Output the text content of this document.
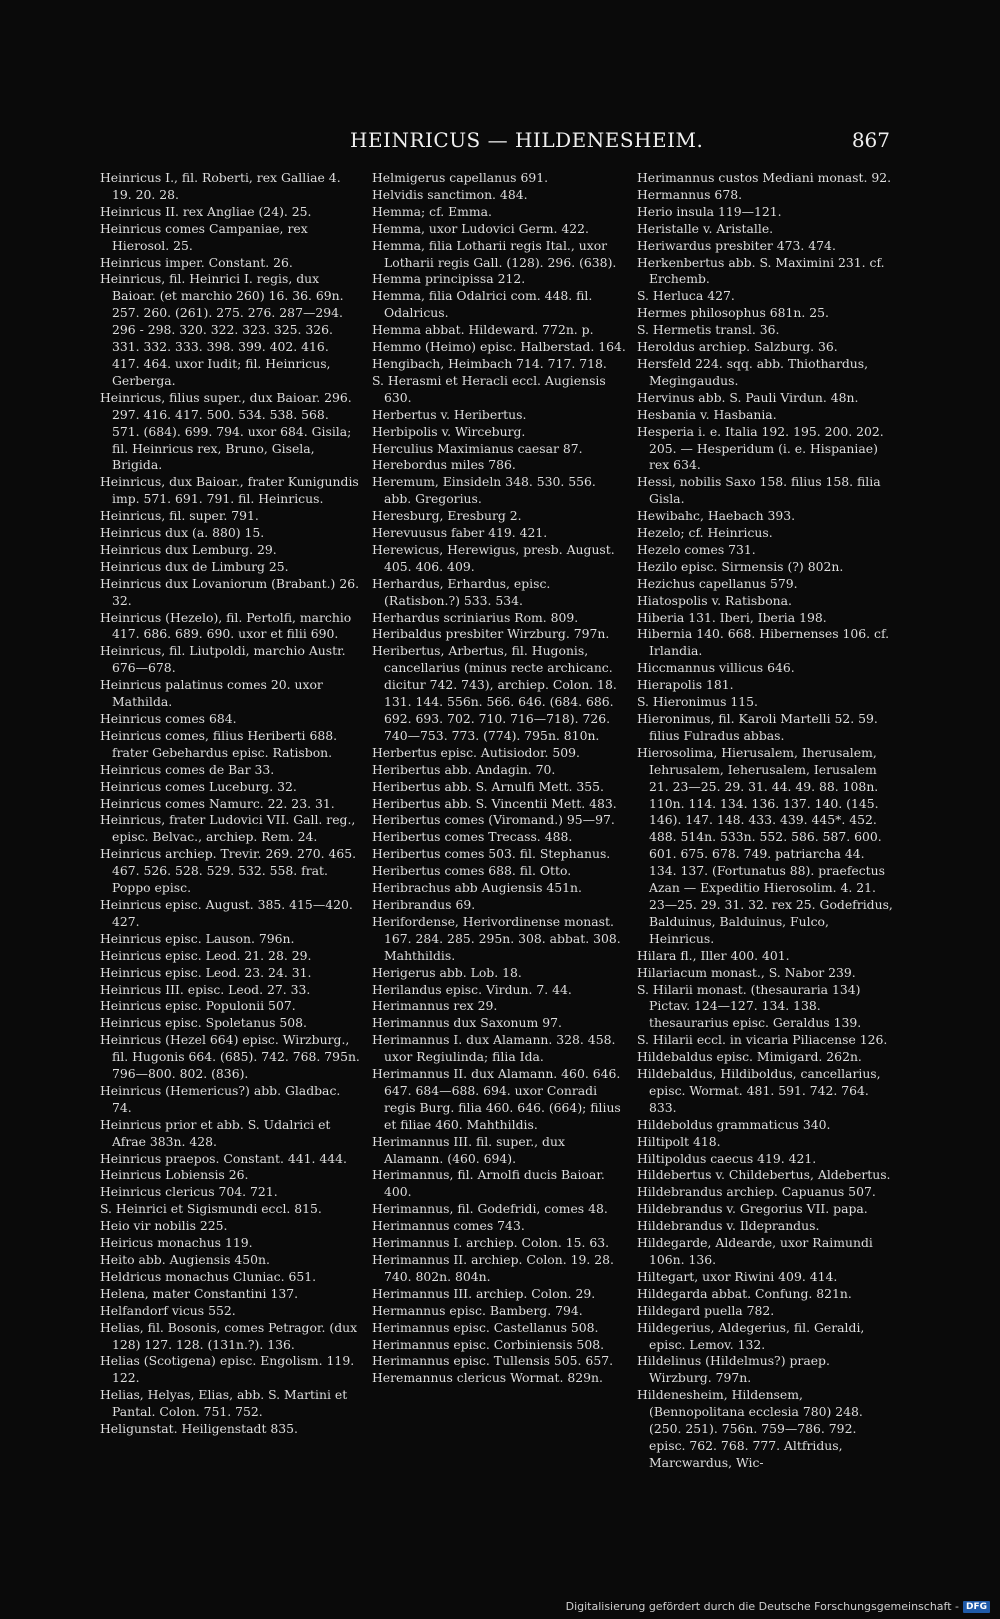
HEINRICUS — HILDENESHEIM.	867

Heinricus I., fil. Roberti, rex Galliae 4. 19. 20. 28.

Heinricus II. rex Angliae (24). 25.

Heinricus comes Campaniae, rex Hierosol. 25.

Heinricus imper. Constant. 26.

Heinricus, fil. Heinrici I. regis, dux Baioar. (et marchio 260) 16. 36. 69n. 257. 260. (261). 275. 276. 287—294. 296 - 298. 320. 322. 323. 325. 326. 331. 332. 333. 398. 399. 402. 416. 417. 464. uxor Iudit; fil. Heinricus, Gerberga.

Heinricus, filius super., dux Baioar. 296. 297. 416. 417. 500. 534. 538. 568. 571. (684). 699. 794. uxor 684. Gisila; fil. Heinricus rex, Bruno, Gisela, Brigida.

Heinricus, dux Baioar., frater Kunigundis imp. 571. 691. 791. fil. Heinricus.

Heinricus, fil. super. 791.

Heinricus dux (a. 880) 15.

Heinricus dux Lemburg. 29.

Heinricus dux de Limburg 25.

Heinricus dux Lovaniorum (Brabant.) 26. 32.

Heinricus (Hezelo), fil. Pertolfi, marchio 417. 686. 689. 690. uxor et filii 690.

Heinricus, fil. Liutpoldi, marchio Austr. 676—678.

Heinricus palatinus comes 20. uxor Mathilda.

Heinricus comes 684.

Heinricus comes, filius Heriberti 688. frater Gebehardus episc. Ratisbon.

Heinricus comes de Bar 33.

Heinricus comes Luceburg. 32.

Heinricus comes Namurc. 22. 23. 31.

Heinricus, frater Ludovici VII. Gall. reg., episc. Belvac., archiep. Rem. 24.

Heinricus archiep. Trevir. 269. 270. 465. 467. 526. 528. 529. 532. 558. frat. Poppo episc.

Heinricus episc. August. 385. 415—420. 427.

Heinricus episc. Lauson. 796n.

Heinricus episc. Leod. 21. 28. 29.

Heinricus episc. Leod. 23. 24. 31.

Heinricus III. episc. Leod. 27. 33.

Heinricus episc. Populonii 507.

Heinricus episc. Spoletanus 508.

Heinricus (Hezel 664) episc. Wirzburg., fil. Hugonis 664. (685). 742. 768. 795n. 796—800. 802. (836).

Heinricus (Hemericus?) abb. Gladbac. 74.

Heinricus prior et abb. S. Udalrici et Afrae 383n. 428.

Heinricus praepos. Constant. 441. 444.

Heinricus Lobiensis 26.

Heinricus clericus 704. 721.

S. Heinrici et Sigismundi eccl. 815.

Heio vir nobilis 225.

Heiricus monachus 119.

Heito abb. Augiensis 450n.

Heldricus monachus Cluniac. 651.

Helena, mater Constantini 137.

Helfandorf vicus 552.

Helias, fil. Bosonis, comes Petragor. (dux 128) 127. 128. (131n.?). 136.

Helias (Scotigena) episc. Engolism. 119. 122.

Helias, Helyas, Elias, abb. S. Martini et Pantal. Colon. 751. 752.

Heligunstat. Heiligenstadt 835.

Helmigerus capellanus 691.

Helvidis sanctimon. 484.

Hemma; cf. Emma.

Hemma, uxor Ludovici Germ. 422.

Hemma, filia Lotharii regis Ital., uxor Lotharii regis Gall. (128). 296. (638).

Hemma principissa 212.

Hemma, filia Odalrici com. 448. fil. Odalricus.

Hemma abbat. Hildeward. 772n. p.

Hemmo (Heimo) episc. Halberstad. 164.

Hengibach, Heimbach 714. 717. 718.

S. Herasmi et Heracli eccl. Augiensis 630.

Herbertus v. Heribertus.

Herbipolis v. Wirceburg.

Herculius Maximianus caesar 87.

Herebordus miles 786.

Heremum, Einsideln 348. 530. 556. abb. Gregorius.

Heresburg, Eresburg 2.

Herevuusus faber 419. 421.

Herewicus, Herewigus, presb. August. 405. 406. 409.

Herhardus, Erhardus, episc. (Ratisbon.?) 533. 534.

Herhardus scriniarius Rom. 809.

Heribaldus presbiter Wirzburg. 797n.

Heribertus, Arbertus, fil. Hugonis, cancellarius (minus recte archicanc. dicitur 742. 743), archiep. Colon. 18. 131. 144. 556n. 566. 646. (684. 686. 692. 693. 702. 710. 716—718). 726. 740—753. 773. (774). 795n. 810n.

Herbertus episc. Autisiodor. 509.

Heribertus abb. Andagin. 70.

Heribertus abb. S. Arnulfi Mett. 355.

Heribertus abb. S. Vincentii Mett. 483.

Heribertus comes (Viromand.) 95—97.

Heribertus comes Trecass. 488.

Heribertus comes 503. fil. Stephanus.

Heribertus comes 688. fil. Otto.

Heribrachus abb Augiensis 451n.

Heribrandus 69.

Herifordense, Herivordinense monast. 167. 284. 285. 295n. 308. abbat. 308. Mahthildis.

Herigerus abb. Lob. 18.

Herilandus episc. Virdun. 7. 44.

Herimannus rex 29.

Herimannus dux Saxonum 97.

Herimannus I. dux Alamann. 328. 458. uxor Regiulinda; filia Ida.

Herimannus II. dux Alamann. 460. 646. 647. 684—688. 694. uxor Conradi regis Burg. filia 460. 646. (664); filius et filiae 460. Mahthildis.

Herimannus III. fil. super., dux Alamann. (460. 694).

Herimannus, fil. Arnolfi ducis Baioar. 400.

Herimannus, fil. Godefridi, comes 48.

Herimannus comes 743.

Herimannus I. archiep. Colon. 15. 63.

Herimannus II. archiep. Colon. 19. 28. 740. 802n. 804n.

Herimannus III. archiep. Colon. 29.

Hermannus episc. Bamberg. 794.

Herimannus episc. Castellanus 508.

Herimannus episc. Corbiniensis 508.

Herimannus episc. Tullensis 505. 657.

Heremannus clericus Wormat. 829n.

Herimannus custos Mediani monast. 92.

Hermannus 678.

Herio insula 119—121.

Heristalle v. Aristalle.

Heriwardus presbiter 473. 474.

Herkenbertus abb. S. Maximini 231. cf. Erchemb.

S. Herluca 427.

Hermes philosophus 681n. 25.

S. Hermetis transl. 36.

Heroldus archiep. Salzburg. 36.

Hersfeld 224. sqq. abb. Thiothardus, Megingaudus.

Hervinus abb. S. Pauli Virdun. 48n.

Hesbania v. Hasbania.

Hesperia i. e. Italia 192. 195. 200. 202. 205. — Hesperidum (i. e. Hispaniae) rex 634.

Hessi, nobilis Saxo 158. filius 158. filia Gisla.

Hewibahc, Haebach 393.

Hezelo; cf. Heinricus.

Hezelo comes 731.

Hezilo episc. Sirmensis (?) 802n.

Hezichus capellanus 579.

Hiatospolis v. Ratisbona.

Hiberia 131. Iberi, Iberia 198.

Hibernia 140. 668. Hibernenses 106. cf. Irlandia.

Hiccmannus villicus 646.

Hierapolis 181.

S. Hieronimus 115.

Hieronimus, fil. Karoli Martelli 52. 59. filius Fulradus abbas.

Hierosolima, Hierusalem, Iherusalem, Iehrusalem, Ieherusalem, Ierusalem 21. 23—25. 29. 31. 44. 49. 88. 108n. 110n. 114. 134. 136. 137. 140. (145. 146). 147. 148. 433. 439. 445*. 452. 488. 514n. 533n. 552. 586. 587. 600. 601. 675. 678. 749. patriarcha 44. 134. 137. (Fortunatus 88). praefectus Azan — Expeditio Hierosolim. 4. 21. 23—25. 29. 31. 32. rex 25. Godefridus, Balduinus, Balduinus, Fulco, Heinricus.

Hilara fl., Iller 400. 401.

Hilariacum monast., S. Nabor 239.

S. Hilarii monast. (thesauraria 134) Pictav. 124—127. 134. 138. thesaurarius episc. Geraldus 139.

S. Hilarii eccl. in vicaria Piliacense 126.

Hildebaldus episc. Mimigard. 262n.

Hildebaldus, Hildiboldus, cancellarius, episc. Wormat. 481. 591. 742. 764. 833.

Hildeboldus grammaticus 340.

Hiltipolt 418.

Hiltipoldus caecus 419. 421.

Hildebertus v. Childebertus, Aldebertus.

Hildebrandus archiep. Capuanus 507.

Hildebrandus v. Gregorius VII. papa.

Hildebrandus v. Ildeprandus.

Hildegarde, Aldearde, uxor Raimundi 106n. 136.

Hiltegart, uxor Riwini 409. 414.

Hildegarda abbat. Confung. 821n.

Hildegard puella 782.

Hildegerius, Aldegerius, fil. Geraldi, episc. Lemov. 132.

Hildelinus (Hildelmus?) praep. Wirzburg. 797n.

Hildenesheim, Hildensem, (Bennopolitana ecclesia 780) 248. (250. 251). 756n. 759—786. 792. episc. 762. 768. 777. Altfridus, Marcwardus, Wic-

Digitalisierung gefördert durch die Deutsche Forschungsgemeinschaft - DFG
